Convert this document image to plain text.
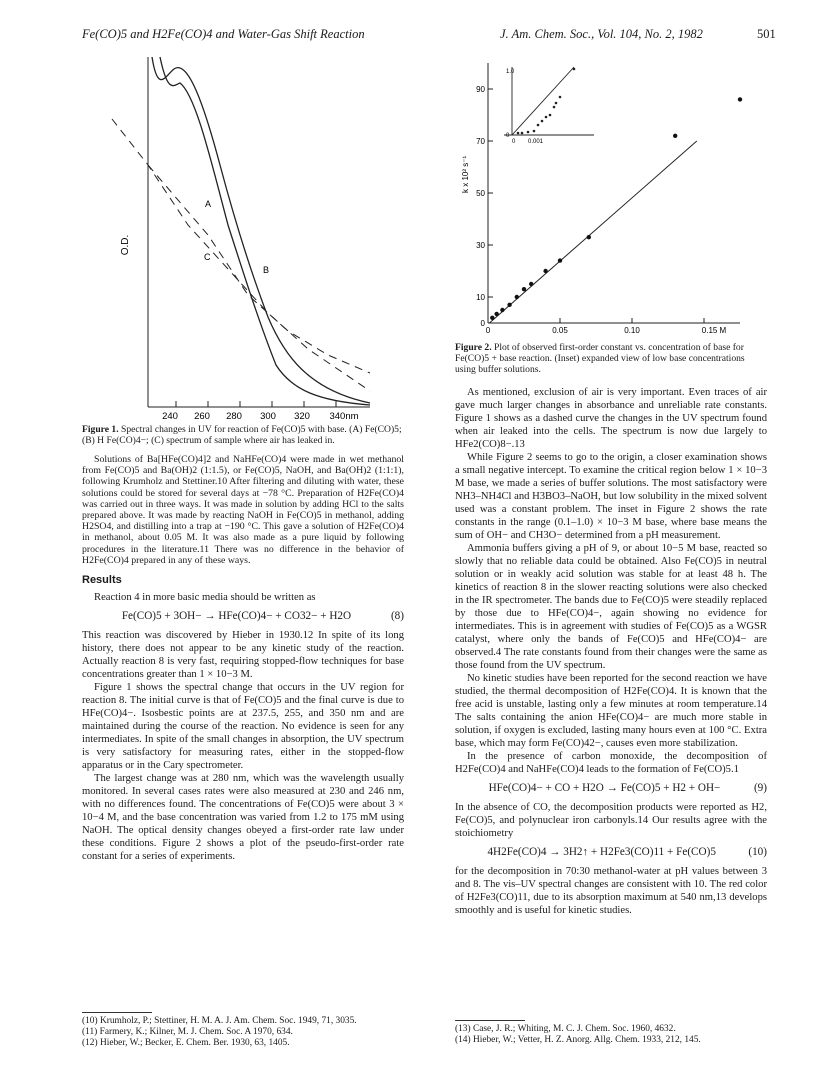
Fe(CO)5 and H2Fe(CO)4 and Water-Gas Shift Reaction	J. Am. Chem. Soc., Vol. 104, No. 2, 1982	501
O.D.
A
C
B
240 260 280 300 320 340nm
Figure 1. Spectral changes in UV for reaction of Fe(CO)5 with base. (A) Fe(CO)5; (B) H Fe(CO)4−; (C) spectrum of sample where air has leaked in.
90
70
50
30
10
0
0	0.05	0.10	0.15 M
1.0
0
0 0.001
k x 10² s⁻¹
Figure 2. Plot of observed first-order constant vs. concentration of base for Fe(CO)5 + base reaction. (Inset) expanded view of low base concentrations using buffer solutions.

Solutions of Ba[HFe(CO)4]2 and NaHFe(CO)4 were made in wet methanol from Fe(CO)5 and Ba(OH)2 (1:1.5), or Fe(CO)5, NaOH, and Ba(OH)2 (1:1:1), following Krumholz and Stettiner.10 After filtering and diluting with water, these solutions could be stored for several days at −78 °C. Preparation of H2Fe(CO)4 was carried out in three ways. It was made in solution by adding HCl to the salts prepared above. It was made by reacting NaOH in Fe(CO)5 in methanol, adding H2SO4, and distilling into a trap at −190 °C. This gave a solution of H2Fe(CO)4 in methanol, about 0.05 M. It was also made as a pure liquid by following procedures in the literature.11 There was no difference in the behavior of H2Fe(CO)4 prepared in any of these ways.

Results

Reaction 4 in more basic media should be written as

Fe(CO)5 + 3OH− → HFe(CO)4− + CO32− + H2O	(8)

This reaction was discovered by Hieber in 1930.12 In spite of its long history, there does not appear to be any kinetic study of the reaction. Actually reaction 8 is very fast, requiring stopped-flow techniques for base concentrations greater than 1 × 10−3 M.

Figure 1 shows the spectral change that occurs in the UV region for reaction 8. The initial curve is that of Fe(CO)5 and the final curve is due to HFe(CO)4−. Isosbestic points are at 237.5, 255, and 350 nm and are maintained during the course of the reaction. No evidence is seen for any intermediates. In spite of the small changes in absorption, the UV spectrum is very satisfactory for measuring rates, either in the stopped-flow apparatus or in the Cary spectrometer.

The largest change was at 280 nm, which was the wavelength usually monitored. In several cases rates were also measured at 230 and 246 nm, with no differences found. The concentrations of Fe(CO)5 were about 3 × 10−4 M, and the base concentration was varied from 1.2 to 175 mM using NaOH. The optical density changes obeyed a first-order rate law under these conditions. Figure 2 shows a plot of the pseudo-first-order rate constant for a series of experiments.

As mentioned, exclusion of air is very important. Even traces of air gave much larger changes in absorbance and unreliable rate constants. Figure 1 shows as a dashed curve the changes in the UV spectrum found when air leaked into the cells. The spectrum is now due largely to HFe2(CO)8−.13

While Figure 2 seems to go to the origin, a closer examination shows a small negative intercept. To examine the critical region below 1 × 10−3 M base, we made a series of buffer solutions. The most satisfactory were NH3–NH4Cl and H3BO3–NaOH, but low solubility in the mixed solvent used was a constant problem. The inset in Figure 2 shows the rate constants in the range (0.1–1.0) × 10−3 M base, where base means the sum of OH− and CH3O− determined from a pH measurement.

Ammonia buffers giving a pH of 9, or about 10−5 M base, reacted so slowly that no reliable data could be obtained. Also Fe(CO)5 in neutral solution or in weakly acid solution was stable for at least 48 h. The kinetics of reaction 8 in the slower reacting solutions were also checked in the IR spectrometer. The bands due to Fe(CO)5 were steadily replaced by those due to HFe(CO)4−, again showing no evidence for intermediates. This is in agreement with studies of Fe(CO)5 as a WGSR catalyst, where only the bands of Fe(CO)5 and HFe(CO)4− are observed.4 The rate constants found from their changes were the same as those found from the UV spectrum.

No kinetic studies have been reported for the second reaction we have studied, the thermal decomposition of H2Fe(CO)4. It is known that the free acid is unstable, lasting only a few minutes at room temperature.14 The salts containing the anion HFe(CO)4− are much more stable in solution, if oxygen is excluded, lasting many hours even at 100 °C. Extra base, which may form Fe(CO)42−, causes even more stabilization.

In the presence of carbon monoxide, the decomposition of H2Fe(CO)4 and NaHFe(CO)4 leads to the formation of Fe(CO)5.1

HFe(CO)4− + CO + H2O → Fe(CO)5 + H2 + OH−	(9)

In the absence of CO, the decomposition products were reported as H2, Fe(CO)5, and polynuclear iron carbonyls.14 Our results agree with the stoichiometry

4H2Fe(CO)4 → 3H2↑ + H2Fe3(CO)11 + Fe(CO)5	(10)

for the decomposition in 70:30 methanol-water at pH values between 3 and 8. The vis–UV spectral changes are consistent with 10. The red color of H2Fe3(CO)11, due to its absorption maximum at 540 nm,13 develops smoothly and is useful for kinetic studies.

(10) Krumholz, P.; Stettiner, H. M. A. J. Am. Chem. Soc. 1949, 71, 3035.
(11) Farmery, K.; Kilner, M. J. Chem. Soc. A 1970, 634.
(12) Hieber, W.; Becker, E. Chem. Ber. 1930, 63, 1405.
(13) Case, J. R.; Whiting, M. C. J. Chem. Soc. 1960, 4632.
(14) Hieber, W.; Vetter, H. Z. Anorg. Allg. Chem. 1933, 212, 145.
